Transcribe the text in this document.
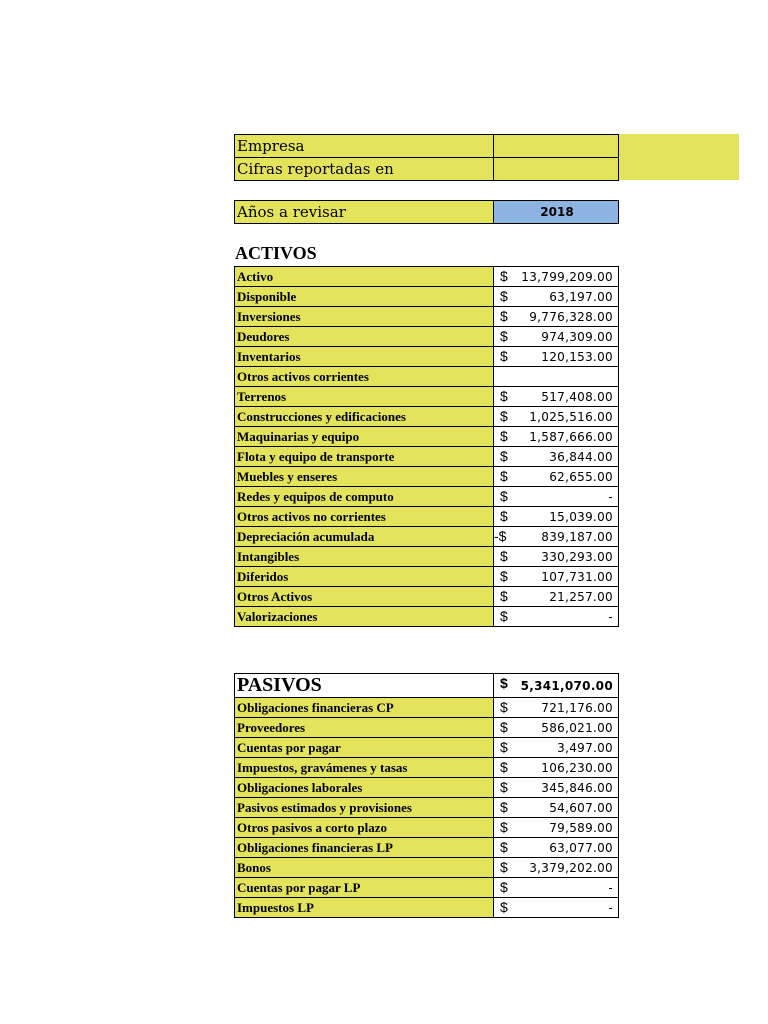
Empresa	
Cifras reportadas en	
Años a revisar	2018
ACTIVOS
Activo	$ 13,799,209.00

Disponible	$ 63,197.00

Inversiones	$ 9,776,328.00

Deudores	$ 974,309.00

Inventarios	$ 120,153.00

Otros activos corrientes	

Terrenos	$ 517,408.00

Construcciones y edificaciones	$ 1,025,516.00

Maquinarias y equipo	$ 1,587,666.00

Flota y equipo de transporte	$ 36,844.00

Muebles y enseres	$ 62,655.00

Redes y equipos de computo	$ -

Otros activos no corrientes	$ 15,039.00

Depreciación acumulada	-$ 839,187.00

Intangibles	$ 330,293.00

Diferidos	$ 107,731.00

Otros Activos	$ 21,257.00

Valorizaciones	$ -
PASIVOS	$ 5,341,070.00

Obligaciones financieras CP	$ 721,176.00

Proveedores	$ 586,021.00

Cuentas por pagar	$ 3,497.00

Impuestos, gravámenes y tasas	$ 106,230.00

Obligaciones laborales	$ 345,846.00

Pasivos estimados y provisiones	$ 54,607.00

Otros pasivos a corto plazo	$ 79,589.00

Obligaciones financieras LP	$ 63,077.00

Bonos	$ 3,379,202.00

Cuentas por pagar LP	$ -

Impuestos LP	$ -
